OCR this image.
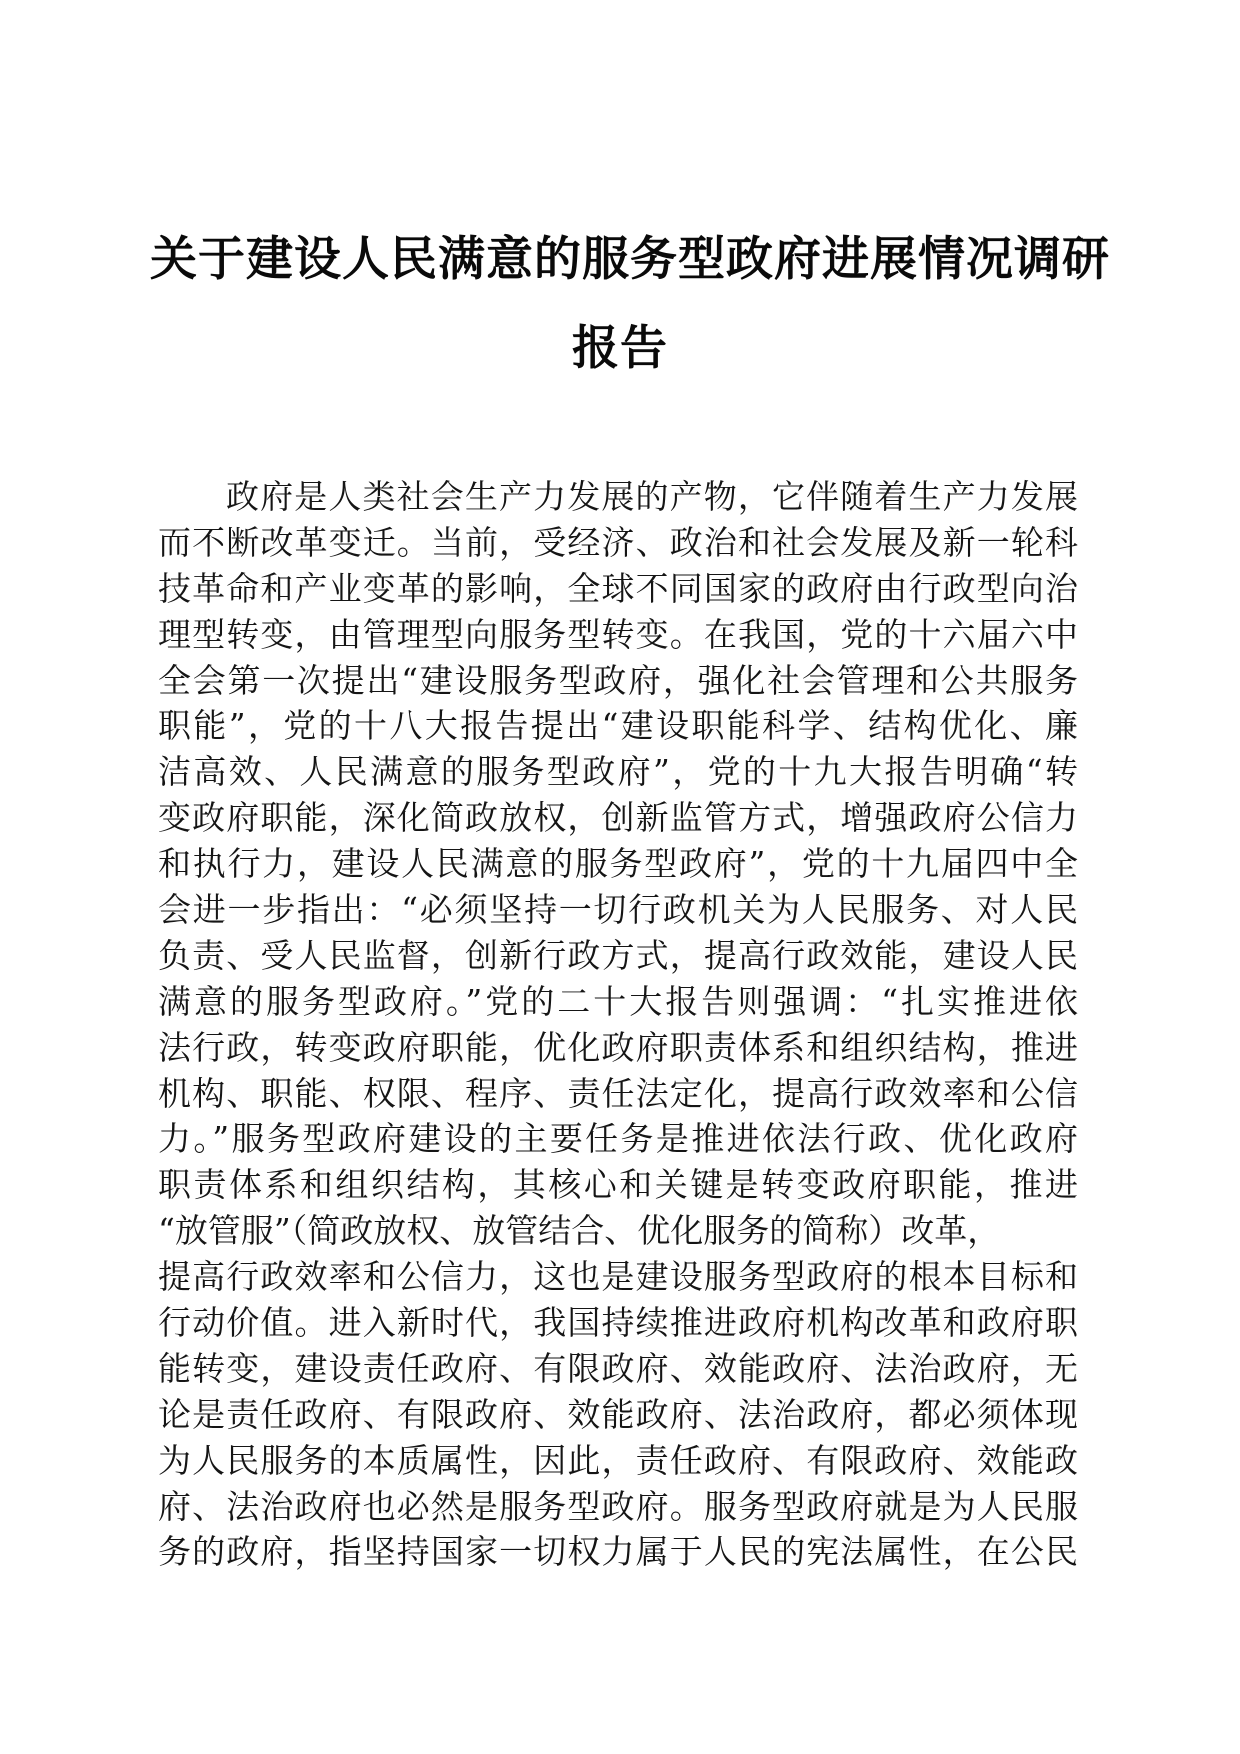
关于建设人民满意的服务型政府进展情况调研
报告
政府是人类社会生产力发展的产物，它伴随着生产力发展
而不断改革变迁。当前，受经济、政治和社会发展及新一轮科
技革命和产业变革的影响，全球不同国家的政府由行政型向治
理型转变，由管理型向服务型转变。在我国，党的十六届六中
全会第一次提出“建设服务型政府，强化社会管理和公共服务
职能”，党的十八大报告提出“建设职能科学、结构优化、廉
洁高效、人民满意的服务型政府”，党的十九大报告明确“转
变政府职能，深化简政放权，创新监管方式，增强政府公信力
和执行力，建设人民满意的服务型政府”，党的十九届四中全
会进一步指出：“必须坚持一切行政机关为人民服务、对人民
负责、受人民监督，创新行政方式，提高行政效能，建设人民
满意的服务型政府。”党的二十大报告则强调：“扎实推进依
法行政，转变政府职能，优化政府职责体系和组织结构，推进
机构、职能、权限、程序、责任法定化，提高行政效率和公信
力。”服务型政府建设的主要任务是推进依法行政、优化政府
职责体系和组织结构，其核心和关键是转变政府职能，推进
“放管服”（简政放权、放管结合、优化服务的简称）改革，
提高行政效率和公信力，这也是建设服务型政府的根本目标和
行动价值。进入新时代，我国持续推进政府机构改革和政府职
能转变，建设责任政府、有限政府、效能政府、法治政府，无
论是责任政府、有限政府、效能政府、法治政府，都必须体现
为人民服务的本质属性，因此，责任政府、有限政府、效能政
府、法治政府也必然是服务型政府。服务型政府就是为人民服
务的政府，指坚持国家一切权力属于人民的宪法属性，在公民
